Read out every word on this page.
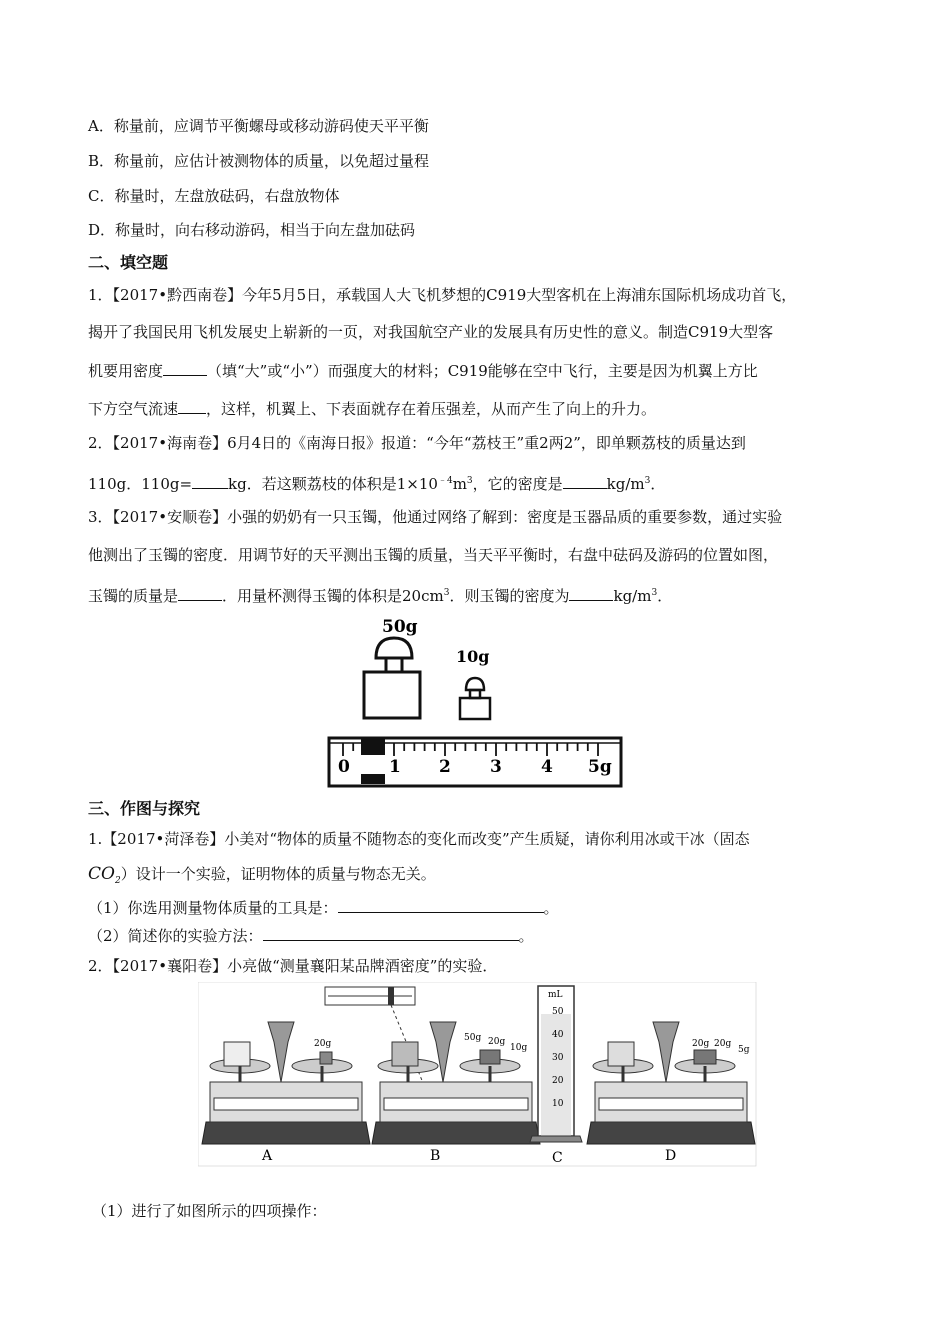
A．称量前，应调节平衡螺母或移动游码使天平平衡
B．称量前，应估计被测物体的质量，以免超过量程
C．称量时，左盘放砝码，右盘放物体
D．称量时，向右移动游码，相当于向左盘加砝码
二、填空题
1．【2017•黔西南卷】今年5月5日，承载国人大飞机梦想的C919大型客机在上海浦东国际机场成功首飞，
揭开了我国民用飞机发展史上崭新的一页，对我国航空产业的发展具有历史性的意义。制造C919大型客
机要用密度	（填“大”或“小”）而强度大的材料；C919能够在空中飞行，主要是因为机翼上方比
下方空气流速 ，这样，机翼上、下表面就存在着压强差，从而产生了向上的升力。
2．【2017•海南卷】6月4日的《南海日报》报道：“今年“荔枝王”重2两2”，即单颗荔枝的质量达到
110g．110g= kg．若这颗荔枝的体积是$1\times 10^{﹣4}m^3$，它的密度是	$kg/m^3$．
3．【2017•安顺卷】小强的奶奶有一只玉镯，他通过网络了解到：密度是玉器品质的重要参数，通过实验
他测出了玉镯的密度．用调节好的天平测出玉镯的质量，当天平平衡时，右盘中砝码及游码的位置如图，
玉镯的质量是	．用量杯测得玉镯的体积是$20cm^3$．则玉镯的密度为	$kg/m^3$．
50g
10g
0 1 2 3 4 5g
三、作图与探究
1.【2017•菏泽卷】小美对“物体的质量不随物态的变化而改变”产生质疑，请你利用冰或干冰（固态
$CO_2$）设计一个实验，证明物体的质量与物态无关。
（1）你选用测量物体质量的工具是：	。
（2）简述你的实验方法：	。
2．【2017•襄阳卷】小亮做“测量襄阳某品牌酒密度”的实验．
20g
50g 20g
10g
mL
50
40
30
20
10
20g 20g
5g
A	B	C	D
（1）进行了如图所示的四项操作：
